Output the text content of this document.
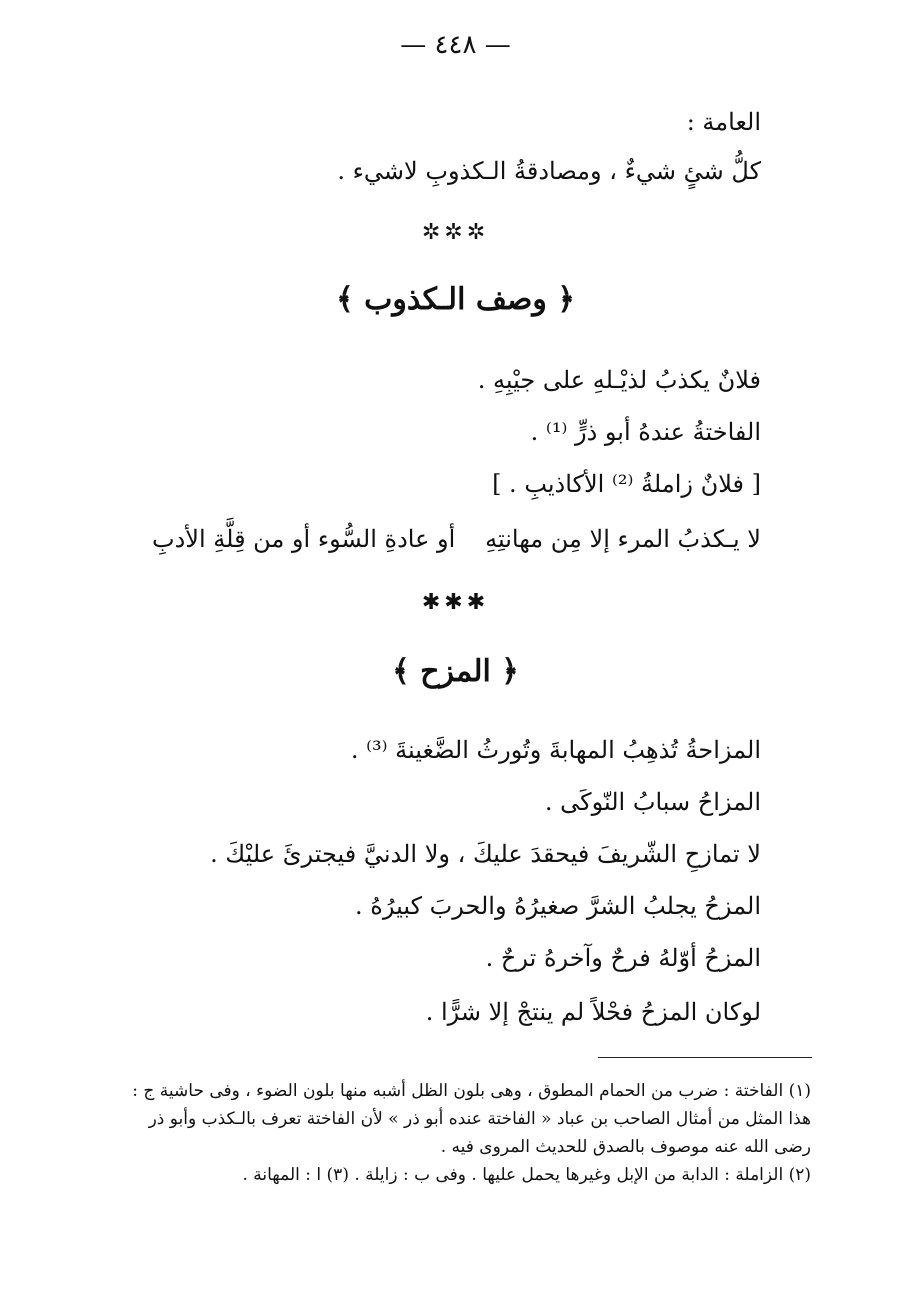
— ٤٤٨ —
العامة :
كلُّ شئٍ شيءٌ ، ومصادقةُ الـكذوبِ لاشيء .
✲✲✲
﴿ وصف الـكذوب ﴾
فلانٌ يكذبُ لذيْـلهِ على جيْبِهِ .
الفاختةُ عندهُ أبو ذرٍّ ⁽¹⁾ .
[ فلانٌ زاملةُ ⁽²⁾ الأكاذيبِ . ]
لا يـكذبُ المرء إلا مِن مهانتِهِ
أو عادةِ السُّوء أو من قِلَّةِ الأدبِ
✱✱✱
﴿ المزح ﴾
المزاحةُ تُذهِبُ المهابةَ وتُورثُ الضَّغينةَ ⁽³⁾ .
المزاحُ سبابُ النّوكَى .
لا تمازحِ الشّريفَ فيحقدَ عليكَ ، ولا الدنيَّ فيجترئَ عليْكَ .
المزحُ يجلبُ الشرَّ صغيرُهُ والحربَ كبيرُهُ .
المزحُ أوّلهُ فرحٌ وآخرهُ ترحٌ .
لوكان المزحُ فحْلاً لم ينتجْ إلا شرًّا .
(١) الفاختة : ضرب من الحمام المطوق ، وهى بلون الظل أشبه منها بلون الضوء ، وفى حاشية ج :
هذا المثل من أمثال الصاحب بن عباد « الفاختة عنده أبو ذر » لأن الفاختة تعرف بالـكذب وأبو ذر
رضى الله عنه موصوف بالصدق للحديث المروى فيه .
(٢) الزاملة : الدابة من الإبل وغيرها يحمل عليها . وفى ب : زايلة . (٣) ا : المهانة .
